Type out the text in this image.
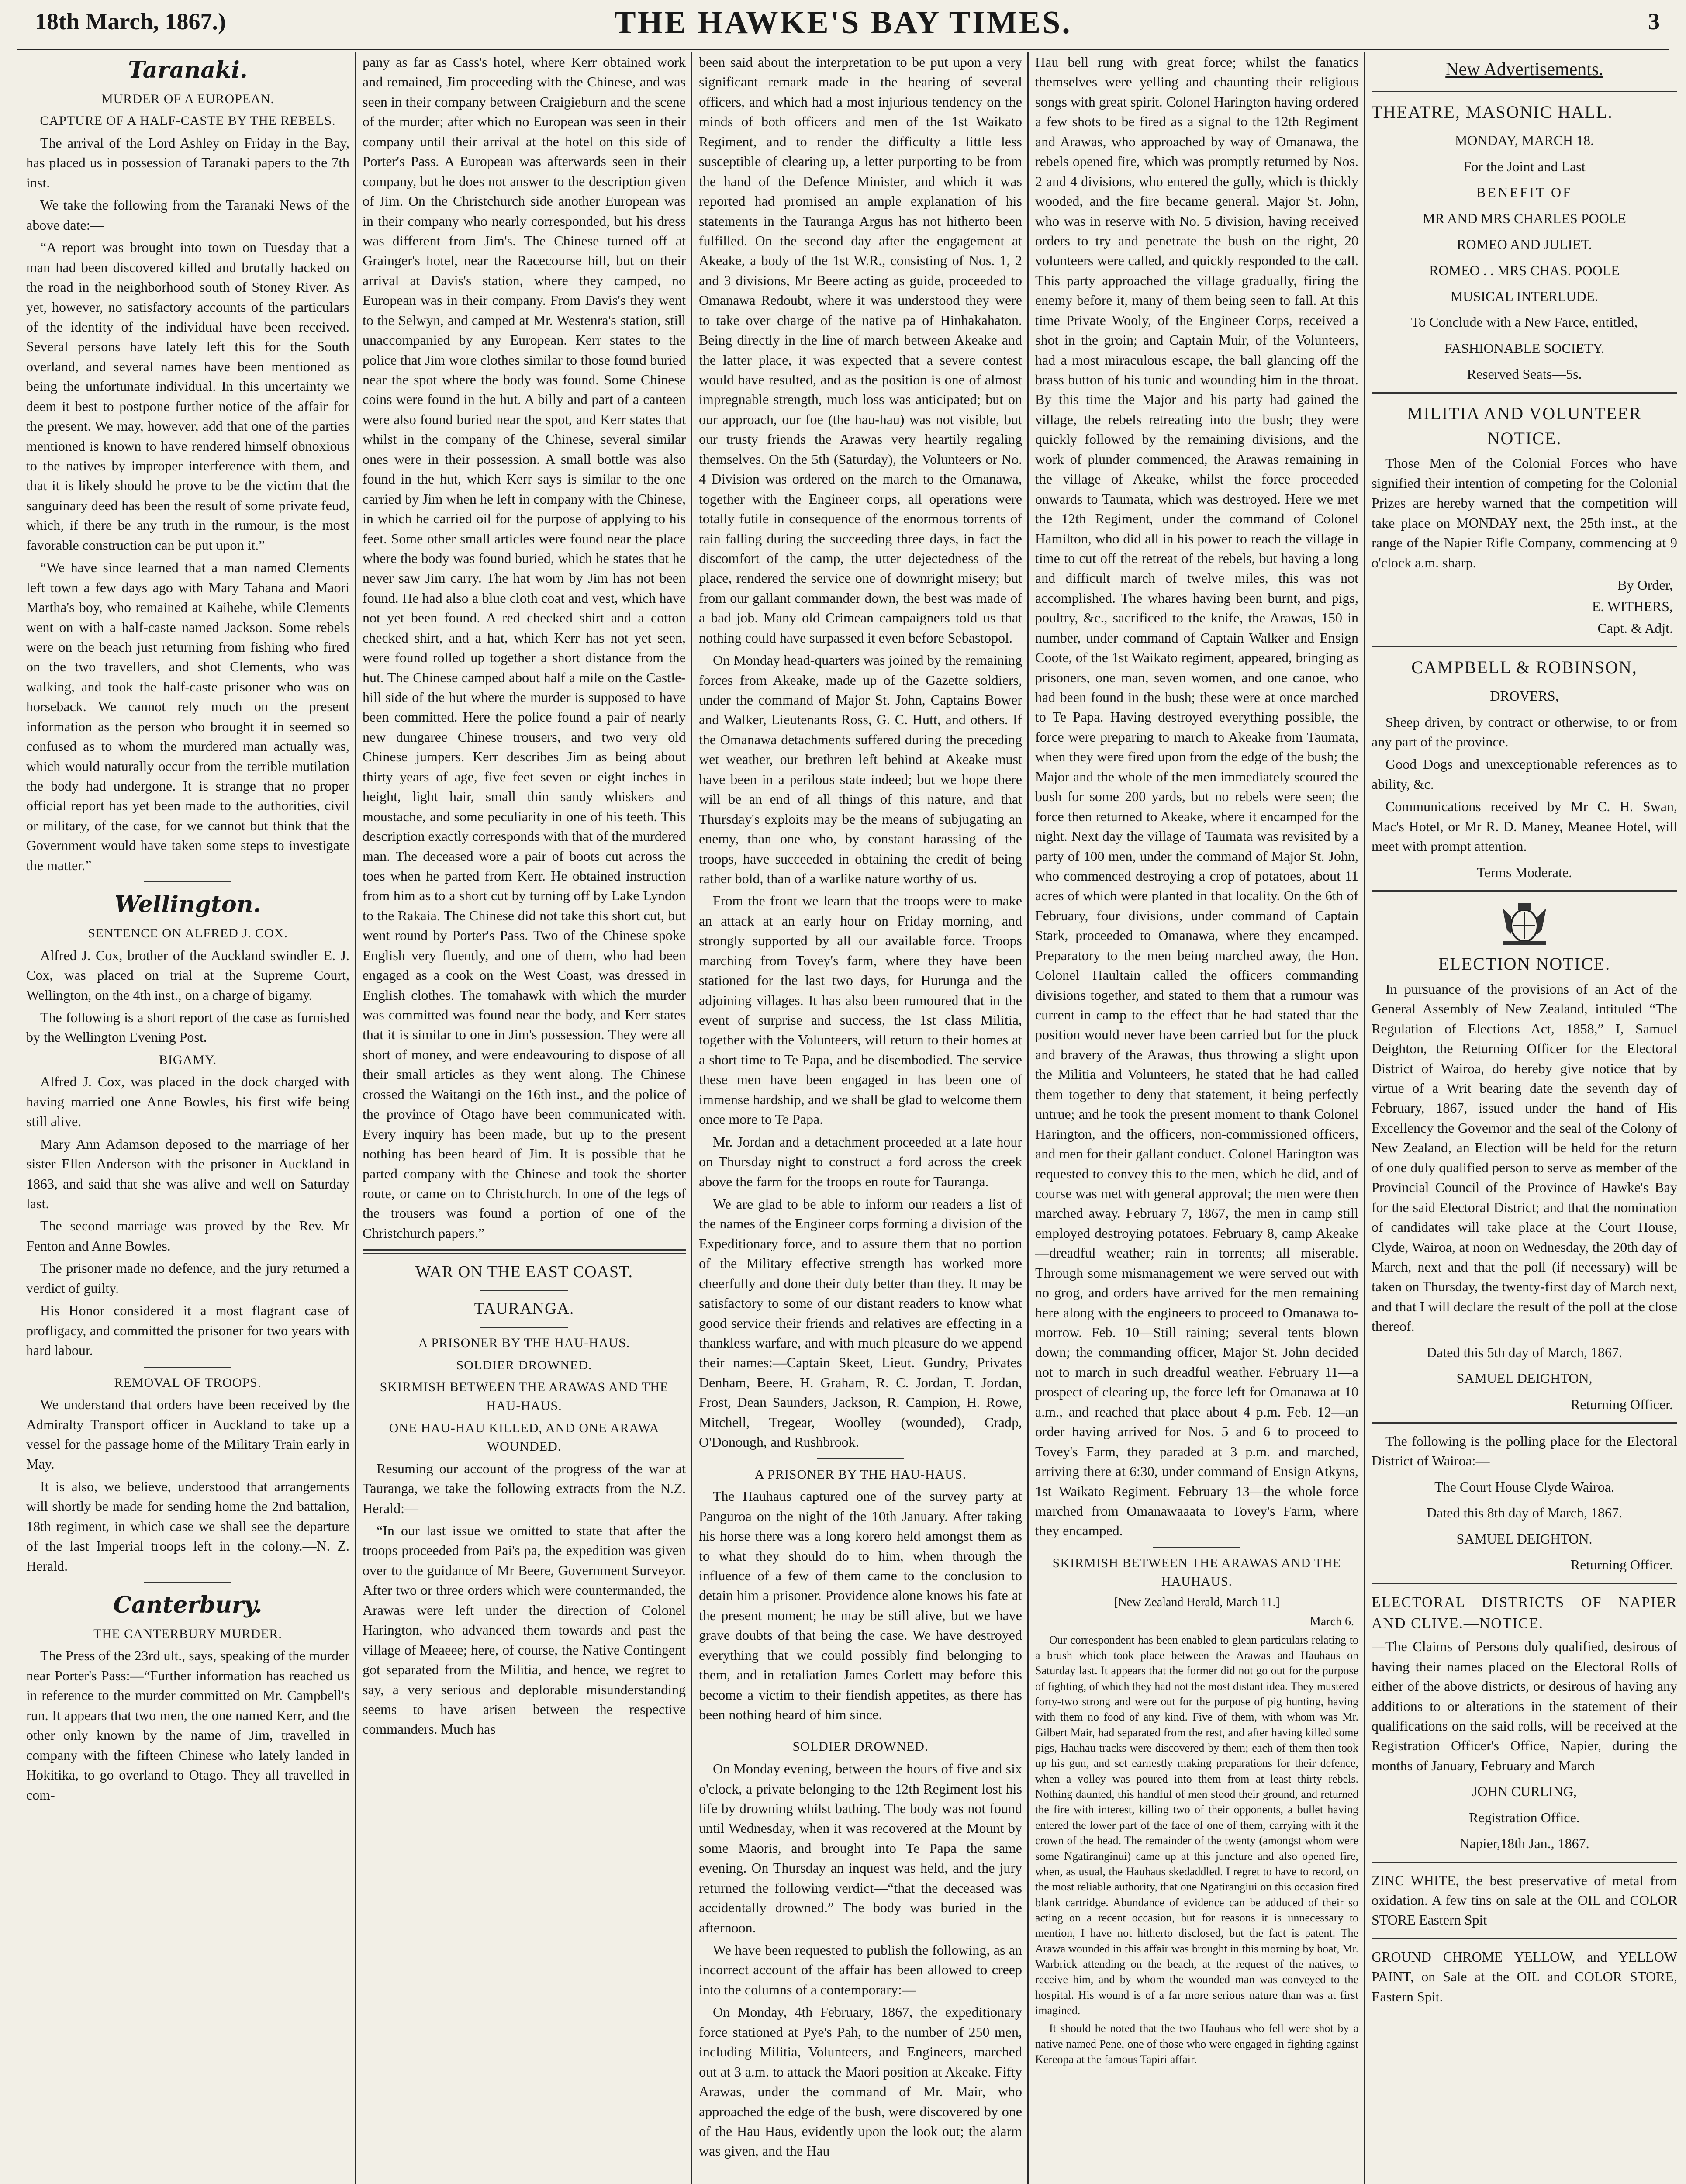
18th March, 1867.)	THE HAWKE'S BAY TIMES.	3
Taranaki.
MURDER OF A EUROPEAN.
CAPTURE OF A HALF-CASTE BY THE REBELS.

The arrival of the Lord Ashley on Friday in the Bay, has placed us in possession of Taranaki papers to the 7th inst.

We take the following from the Taranaki News of the above date:—

“A report was brought into town on Tuesday that a man had been discovered killed and brutally hacked on the road in the neighborhood south of Stoney River. As yet, however, no satisfactory accounts of the particulars of the identity of the individual have been received. Several persons have lately left this for the South overland, and several names have been mentioned as being the unfortunate individual. In this uncertainty we deem it best to postpone further notice of the affair for the present. We may, however, add that one of the parties mentioned is known to have rendered himself obnoxious to the natives by improper interference with them, and that it is likely should he prove to be the victim that the sanguinary deed has been the result of some private feud, which, if there be any truth in the rumour, is the most favorable construction can be put upon it.”

“We have since learned that a man named Clements left town a few days ago with Mary Tahana and Maori Martha's boy, who remained at Kaihehe, while Clements went on with a half-caste named Jackson. Some rebels were on the beach just returning from fishing who fired on the two travellers, and shot Clements, who was walking, and took the half-caste prisoner who was on horseback. We cannot rely much on the present information as the person who brought it in seemed so confused as to whom the murdered man actually was, which would naturally occur from the terrible mutilation the body had undergone. It is strange that no proper official report has yet been made to the authorities, civil or military, of the case, for we cannot but think that the Government would have taken some steps to investigate the matter.”

Wellington.
SENTENCE ON ALFRED J. COX.

Alfred J. Cox, brother of the Auckland swindler E. J. Cox, was placed on trial at the Supreme Court, Wellington, on the 4th inst., on a charge of bigamy.

The following is a short report of the case as furnished by the Wellington Evening Post.

BIGAMY.

Alfred J. Cox, was placed in the dock charged with having married one Anne Bowles, his first wife being still alive.

Mary Ann Adamson deposed to the marriage of her sister Ellen Anderson with the prisoner in Auckland in 1863, and said that she was alive and well on Saturday last.

The second marriage was proved by the Rev. Mr Fenton and Anne Bowles.

The prisoner made no defence, and the jury returned a verdict of guilty.

His Honor considered it a most flagrant case of profligacy, and committed the prisoner for two years with hard labour.

REMOVAL OF TROOPS.

We understand that orders have been received by the Admiralty Transport officer in Auckland to take up a vessel for the passage home of the Military Train early in May.

It is also, we believe, understood that arrangements will shortly be made for sending home the 2nd battalion, 18th regiment, in which case we shall see the departure of the last Imperial troops left in the colony.—N. Z. Herald.

Canterbury.
THE CANTERBURY MURDER.

The Press of the 23rd ult., says, speaking of the murder near Porter's Pass:—“Further information has reached us in reference to the murder committed on Mr. Campbell's run. It appears that two men, the one named Kerr, and the other only known by the name of Jim, travelled in company with the fifteen Chinese who lately landed in Hokitika, to go overland to Otago. They all travelled in com-

pany as far as Cass's hotel, where Kerr obtained work and remained, Jim proceeding with the Chinese, and was seen in their company between Craigieburn and the scene of the murder; after which no European was seen in their company until their arrival at the hotel on this side of Porter's Pass. A European was afterwards seen in their company, but he does not answer to the description given of Jim. On the Christchurch side another European was in their company who nearly corresponded, but his dress was different from Jim's. The Chinese turned off at Grainger's hotel, near the Racecourse hill, but on their arrival at Davis's station, where they camped, no European was in their company. From Davis's they went to the Selwyn, and camped at Mr. Westenra's station, still unaccompanied by any European. Kerr states to the police that Jim wore clothes similar to those found buried near the spot where the body was found. Some Chinese coins were found in the hut. A billy and part of a canteen were also found buried near the spot, and Kerr states that whilst in the company of the Chinese, several similar ones were in their possession. A small bottle was also found in the hut, which Kerr says is similar to the one carried by Jim when he left in company with the Chinese, in which he carried oil for the purpose of applying to his feet. Some other small articles were found near the place where the body was found buried, which he states that he never saw Jim carry. The hat worn by Jim has not been found. He had also a blue cloth coat and vest, which have not yet been found. A red checked shirt and a cotton checked shirt, and a hat, which Kerr has not yet seen, were found rolled up together a short distance from the hut. The Chinese camped about half a mile on the Castle-hill side of the hut where the murder is supposed to have been committed. Here the police found a pair of nearly new dungaree Chinese trousers, and two very old Chinese jumpers. Kerr describes Jim as being about thirty years of age, five feet seven or eight inches in height, light hair, small thin sandy whiskers and moustache, and some peculiarity in one of his teeth. This description exactly corresponds with that of the murdered man. The deceased wore a pair of boots cut across the toes when he parted from Kerr. He obtained instruction from him as to a short cut by turning off by Lake Lyndon to the Rakaia. The Chinese did not take this short cut, but went round by Porter's Pass. Two of the Chinese spoke English very fluently, and one of them, who had been engaged as a cook on the West Coast, was dressed in English clothes. The tomahawk with which the murder was committed was found near the body, and Kerr states that it is similar to one in Jim's possession. They were all short of money, and were endeavouring to dispose of all their small articles as they went along. The Chinese crossed the Waitangi on the 16th inst., and the police of the province of Otago have been communicated with. Every inquiry has been made, but up to the present nothing has been heard of Jim. It is possible that he parted company with the Chinese and took the shorter route, or came on to Christchurch. In one of the legs of the trousers was found a portion of one of the Christchurch papers.”

WAR ON THE EAST COAST.
TAURANGA.
A PRISONER BY THE HAU-HAUS.
SOLDIER DROWNED.
SKIRMISH BETWEEN THE ARAWAS AND THE HAU-HAUS.
ONE HAU-HAU KILLED, AND ONE ARAWA WOUNDED.

Resuming our account of the progress of the war at Tauranga, we take the following extracts from the N.Z. Herald:—

“In our last issue we omitted to state that after the troops proceeded from Pai's pa, the expedition was given over to the guidance of Mr Beere, Government Surveyor. After two or three orders which were countermanded, the Arawas were left under the direction of Colonel Harington, who advanced them towards and past the village of Meaeee; here, of course, the Native Contingent got separated from the Militia, and hence, we regret to say, a very serious and deplorable misunderstanding seems to have arisen between the respective commanders. Much has

been said about the interpretation to be put upon a very significant remark made in the hearing of several officers, and which had a most injurious tendency on the minds of both officers and men of the 1st Waikato Regiment, and to render the difficulty a little less susceptible of clearing up, a letter purporting to be from the hand of the Defence Minister, and which it was reported had promised an ample explanation of his statements in the Tauranga Argus has not hitherto been fulfilled. On the second day after the engagement at Akeake, a body of the 1st W.R., consisting of Nos. 1, 2 and 3 divisions, Mr Beere acting as guide, proceeded to Omanawa Redoubt, where it was understood they were to take over charge of the native pa of Hinhakahaton. Being directly in the line of march between Akeake and the latter place, it was expected that a severe contest would have resulted, and as the position is one of almost impregnable strength, much loss was anticipated; but on our approach, our foe (the hau-hau) was not visible, but our trusty friends the Arawas very heartily regaling themselves. On the 5th (Saturday), the Volunteers or No. 4 Division was ordered on the march to the Omanawa, together with the Engineer corps, all operations were totally futile in consequence of the enormous torrents of rain falling during the succeeding three days, in fact the discomfort of the camp, the utter dejectedness of the place, rendered the service one of downright misery; but from our gallant commander down, the best was made of a bad job. Many old Crimean campaigners told us that nothing could have surpassed it even before Sebastopol.

On Monday head-quarters was joined by the remaining forces from Akeake, made up of the Gazette soldiers, under the command of Major St. John, Captains Bower and Walker, Lieutenants Ross, G. C. Hutt, and others. If the Omanawa detachments suffered during the preceding wet weather, our brethren left behind at Akeake must have been in a perilous state indeed; but we hope there will be an end of all things of this nature, and that Thursday's exploits may be the means of subjugating an enemy, than one who, by constant harassing of the troops, have succeeded in obtaining the credit of being rather bold, than of a warlike nature worthy of us.

From the front we learn that the troops were to make an attack at an early hour on Friday morning, and strongly supported by all our available force. Troops marching from Tovey's farm, where they have been stationed for the last two days, for Hurunga and the adjoining villages. It has also been rumoured that in the event of surprise and success, the 1st class Militia, together with the Volunteers, will return to their homes at a short time to Te Papa, and be disembodied. The service these men have been engaged in has been one of immense hardship, and we shall be glad to welcome them once more to Te Papa.

Mr. Jordan and a detachment proceeded at a late hour on Thursday night to construct a ford across the creek above the farm for the troops en route for Tauranga.

We are glad to be able to inform our readers a list of the names of the Engineer corps forming a division of the Expeditionary force, and to assure them that no portion of the Military effective strength has worked more cheerfully and done their duty better than they. It may be satisfactory to some of our distant readers to know what good service their friends and relatives are effecting in a thankless warfare, and with much pleasure do we append their names:—Captain Skeet, Lieut. Gundry, Privates Denham, Beere, H. Graham, R. C. Jordan, T. Jordan, Frost, Dean Saunders, Jackson, R. Campion, H. Rowe, Mitchell, Tregear, Woolley (wounded), Cradp, O'Donough, and Rushbrook.

A PRISONER BY THE HAU-HAUS.

The Hauhaus captured one of the survey party at Panguroa on the night of the 10th January. After taking his horse there was a long korero held amongst them as to what they should do to him, when through the influence of a few of them came to the conclusion to detain him a prisoner. Providence alone knows his fate at the present moment; he may be still alive, but we have grave doubts of that being the case. We have destroyed everything that we could possibly find belonging to them, and in retaliation James Corlett may before this become a victim to their fiendish appetites, as there has been nothing heard of him since.

SOLDIER DROWNED.

On Monday evening, between the hours of five and six o'clock, a private belonging to the 12th Regiment lost his life by drowning whilst bathing. The body was not found until Wednesday, when it was recovered at the Mount by some Maoris, and brought into Te Papa the same evening. On Thursday an inquest was held, and the jury returned the following verdict—“that the deceased was accidentally drowned.” The body was buried in the afternoon.

We have been requested to publish the following, as an incorrect account of the affair has been allowed to creep into the columns of a contemporary:—

On Monday, 4th February, 1867, the expeditionary force stationed at Pye's Pah, to the number of 250 men, including Militia, Volunteers, and Engineers, marched out at 3 a.m. to attack the Maori position at Akeake. Fifty Arawas, under the command of Mr. Mair, who approached the edge of the bush, were discovered by one of the Hau Haus, evidently upon the look out; the alarm was given, and the Hau

Hau bell rung with great force; whilst the fanatics themselves were yelling and chaunting their religious songs with great spirit. Colonel Harington having ordered a few shots to be fired as a signal to the 12th Regiment and Arawas, who approached by way of Omanawa, the rebels opened fire, which was promptly returned by Nos. 2 and 4 divisions, who entered the gully, which is thickly wooded, and the fire became general. Major St. John, who was in reserve with No. 5 division, having received orders to try and penetrate the bush on the right, 20 volunteers were called, and quickly responded to the call. This party approached the village gradually, firing the enemy before it, many of them being seen to fall. At this time Private Wooly, of the Engineer Corps, received a shot in the groin; and Captain Muir, of the Volunteers, had a most miraculous escape, the ball glancing off the brass button of his tunic and wounding him in the throat. By this time the Major and his party had gained the village, the rebels retreating into the bush; they were quickly followed by the remaining divisions, and the work of plunder commenced, the Arawas remaining in the village of Akeake, whilst the force proceeded onwards to Taumata, which was destroyed. Here we met the 12th Regiment, under the command of Colonel Hamilton, who did all in his power to reach the village in time to cut off the retreat of the rebels, but having a long and difficult march of twelve miles, this was not accomplished. The whares having been burnt, and pigs, poultry, &c., sacrificed to the knife, the Arawas, 150 in number, under command of Captain Walker and Ensign Coote, of the 1st Waikato regiment, appeared, bringing as prisoners, one man, seven women, and one canoe, who had been found in the bush; these were at once marched to Te Papa. Having destroyed everything possible, the force were preparing to march to Akeake from Taumata, when they were fired upon from the edge of the bush; the Major and the whole of the men immediately scoured the bush for some 200 yards, but no rebels were seen; the force then returned to Akeake, where it encamped for the night. Next day the village of Taumata was revisited by a party of 100 men, under the command of Major St. John, who commenced destroying a crop of potatoes, about 11 acres of which were planted in that locality. On the 6th of February, four divisions, under command of Captain Stark, proceeded to Omanawa, where they encamped. Preparatory to the men being marched away, the Hon. Colonel Haultain called the officers commanding divisions together, and stated to them that a rumour was current in camp to the effect that he had stated that the position would never have been carried but for the pluck and bravery of the Arawas, thus throwing a slight upon the Militia and Volunteers, he stated that he had called them together to deny that statement, it being perfectly untrue; and he took the present moment to thank Colonel Harington, and the officers, non-commissioned officers, and men for their gallant conduct. Colonel Harington was requested to convey this to the men, which he did, and of course was met with general approval; the men were then marched away. February 7, 1867, the men in camp still employed destroying potatoes. February 8, camp Akeake—dreadful weather; rain in torrents; all miserable. Through some mismanagement we were served out with no grog, and orders have arrived for the men remaining here along with the engineers to proceed to Omanawa to-morrow. Feb. 10—Still raining; several tents blown down; the commanding officer, Major St. John decided not to march in such dreadful weather. February 11—a prospect of clearing up, the force left for Omanawa at 10 a.m., and reached that place about 4 p.m. Feb. 12—an order having arrived for Nos. 5 and 6 to proceed to Tovey's Farm, they paraded at 3 p.m. and marched, arriving there at 6:30, under command of Ensign Atkyns, 1st Waikato Regiment. February 13—the whole force marched from Omanawaaata to Tovey's Farm, where they encamped.

SKIRMISH BETWEEN THE ARAWAS AND THE HAUHAUS.
[New Zealand Herald, March 11.]
March 6.

Our correspondent has been enabled to glean particulars relating to a brush which took place between the Arawas and Hauhaus on Saturday last. It appears that the former did not go out for the purpose of fighting, of which they had not the most distant idea. They mustered forty-two strong and were out for the purpose of pig hunting, having with them no food of any kind. Five of them, with whom was Mr. Gilbert Mair, had separated from the rest, and after having killed some pigs, Hauhau tracks were discovered by them; each of them then took up his gun, and set earnestly making preparations for their defence, when a volley was poured into them from at least thirty rebels. Nothing daunted, this handful of men stood their ground, and returned the fire with interest, killing two of their opponents, a bullet having entered the lower part of the face of one of them, carrying with it the crown of the head. The remainder of the twenty (amongst whom were some Ngatiranginui) came up at this juncture and also opened fire, when, as usual, the Hauhaus skedaddled. I regret to have to record, on the most reliable authority, that one Ngatirangiui on this occasion fired blank cartridge. Abundance of evidence can be adduced of their so acting on a recent occasion, but for reasons it is unnecessary to mention, I have not hitherto disclosed, but the fact is patent. The Arawa wounded in this affair was brought in this morning by boat, Mr. Warbrick attending on the beach, at the request of the natives, to receive him, and by whom the wounded man was conveyed to the hospital. His wound is of a far more serious nature than was at first imagined.

It should be noted that the two Hauhaus who fell were shot by a native named Pene, one of those who were engaged in fighting against Kereopa at the famous Tapiri affair.

New Advertisements.
THEATRE, MASONIC HALL.
MONDAY, MARCH 18.
For the Joint and Last
BENEFIT OF
MR AND MRS CHARLES POOLE
ROMEO AND JULIET.
ROMEO . . MRS CHAS. POOLE
MUSICAL INTERLUDE.
To Conclude with a New Farce, entitled,
FASHIONABLE SOCIETY.
Reserved Seats—5s.
MILITIA AND VOLUNTEER NOTICE.

Those Men of the Colonial Forces who have signified their intention of competing for the Colonial Prizes are hereby warned that the competition will take place on MONDAY next, the 25th inst., at the range of the Napier Rifle Company, commencing at 9 o'clock a.m. sharp.

By Order,
E. WITHERS,
Capt. & Adjt.
CAMPBELL & ROBINSON,
DROVERS,

Sheep driven, by contract or otherwise, to or from any part of the province.

Good Dogs and unexceptionable references as to ability, &c.

Communications received by Mr C. H. Swan, Mac's Hotel, or Mr R. D. Maney, Meanee Hotel, will meet with prompt attention.

Terms Moderate.
ELECTION NOTICE.

In pursuance of the provisions of an Act of the General Assembly of New Zealand, intituled “The Regulation of Elections Act, 1858,” I, Samuel Deighton, the Returning Officer for the Electoral District of Wairoa, do hereby give notice that by virtue of a Writ bearing date the seventh day of February, 1867, issued under the hand of His Excellency the Governor and the seal of the Colony of New Zealand, an Election will be held for the return of one duly qualified person to serve as member of the Provincial Council of the Province of Hawke's Bay for the said Electoral District; and that the nomination of candidates will take place at the Court House, Clyde, Wairoa, at noon on Wednesday, the 20th day of March, next and that the poll (if necessary) will be taken on Thursday, the twenty-first day of March next, and that I will declare the result of the poll at the close thereof.

Dated this 5th day of March, 1867.
SAMUEL DEIGHTON,
Returning Officer.

The following is the polling place for the Electoral District of Wairoa:—

The Court House Clyde Wairoa.
Dated this 8th day of March, 1867.
SAMUEL DEIGHTON.
Returning Officer.
ELECTORAL DISTRICTS OF NAPIER AND CLIVE.—NOTICE.

—The Claims of Persons duly qualified, desirous of having their names placed on the Electoral Rolls of either of the above districts, or desirous of having any additions to or alterations in the statement of their qualifications on the said rolls, will be received at the Registration Officer's Office, Napier, during the months of January, February and March

JOHN CURLING,
Registration Office.
Napier,18th Jan., 1867.

ZINC WHITE, the best preservative of metal from oxidation. A few tins on sale at the OIL and COLOR STORE Eastern Spit

GROUND CHROME YELLOW, and YELLOW PAINT, on Sale at the OIL and COLOR STORE, Eastern Spit.
